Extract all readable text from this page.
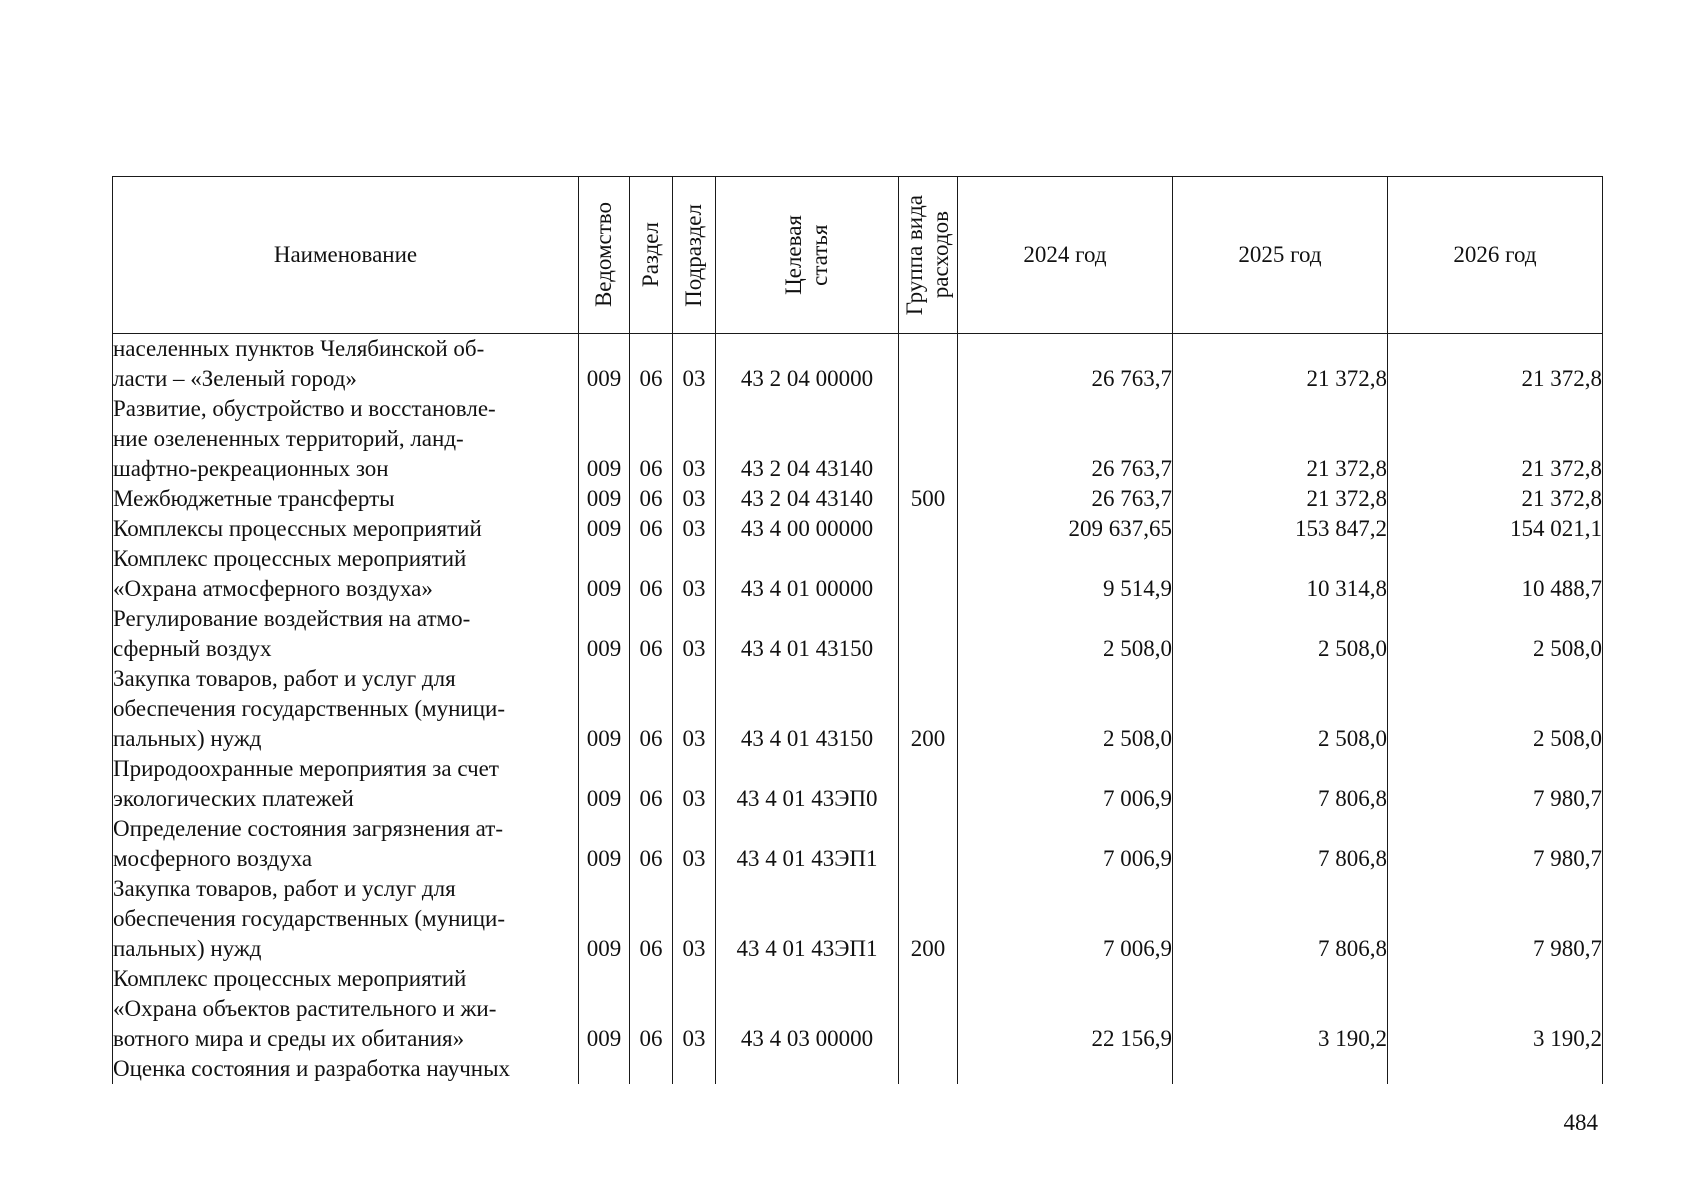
Наименование	Ведомство	Раздел	Подраздел	Целевая
статья	Группа вида
расходов	2024 год	2025 год	2026 год

населенных пунктов Челябинской об-
ласти – «Зеленый город»	009	06	03	43 2 04 00000		26 763,7	21 372,8	21 372,8

Развитие, обустройство и восстановле-
ние озелененных территорий, ланд-
шафтно-рекреационных зон	009	06	03	43 2 04 43140		26 763,7	21 372,8	21 372,8

Межбюджетные трансферты	009	06	03	43 2 04 43140	500	26 763,7	21 372,8	21 372,8

Комплексы процессных мероприятий	009	06	03	43 4 00 00000		209 637,65	153 847,2	154 021,1

Комплекс процессных мероприятий
«Охрана атмосферного воздуха»	009	06	03	43 4 01 00000		9 514,9	10 314,8	10 488,7

Регулирование воздействия на атмо-
сферный воздух	009	06	03	43 4 01 43150		2 508,0	2 508,0	2 508,0

Закупка товаров, работ и услуг для
обеспечения государственных (муници-
пальных) нужд	009	06	03	43 4 01 43150	200	2 508,0	2 508,0	2 508,0

Природоохранные мероприятия за счет
экологических платежей	009	06	03	43 4 01 43ЭП0		7 006,9	7 806,8	7 980,7

Определение состояния загрязнения ат-
мосферного воздуха	009	06	03	43 4 01 43ЭП1		7 006,9	7 806,8	7 980,7

Закупка товаров, работ и услуг для
обеспечения государственных (муници-
пальных) нужд	009	06	03	43 4 01 43ЭП1	200	7 006,9	7 806,8	7 980,7

Комплекс процессных мероприятий
«Охрана объектов растительного и жи-
вотного мира и среды их обитания»	009	06	03	43 4 03 00000		22 156,9	3 190,2	3 190,2

Оценка состояния и разработка научных								

484
